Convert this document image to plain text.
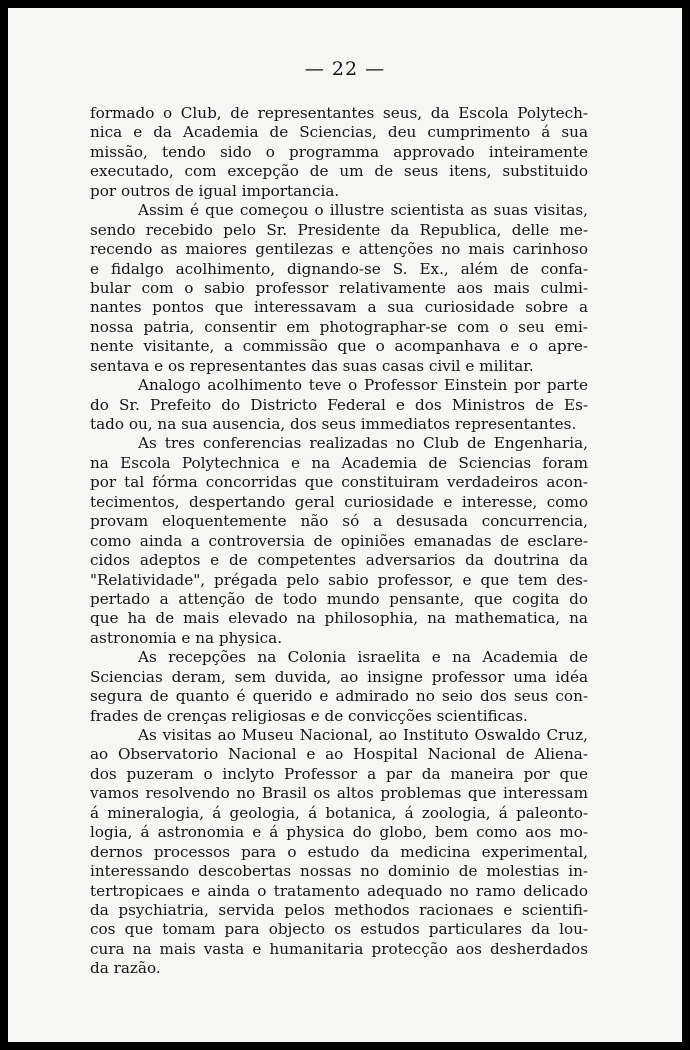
— 22 —
formado o Club, de representantes seus, da Escola Polytech-
nica e da Academia de Sciencias, deu cumprimento á sua
missão, tendo sido o programma approvado inteiramente
executado, com excepção de um de seus itens, substituido
por outros de igual importancia.
Assim é que começou o illustre scientista as suas visitas,
sendo recebido pelo Sr. Presidente da Republica, delle me-
recendo as maiores gentilezas e attenções no mais carinhoso
e fidalgo acolhimento, dignando-se S. Ex., além de confa-
bular com o sabio professor relativamente aos mais culmi-
nantes pontos que interessavam a sua curiosidade sobre a
nossa patria, consentir em photographar-se com o seu emi-
nente visitante, a commissão que o acompanhava e o apre-
sentava e os representantes das suas casas civil e militar.
Analogo acolhimento teve o Professor Einstein por parte
do Sr. Prefeito do Districto Federal e dos Ministros de Es-
tado ou, na sua ausencia, dos seus immediatos representantes.
As tres conferencias realizadas no Club de Engenharia,
na Escola Polytechnica e na Academia de Sciencias foram
por tal fórma concorridas que constituiram verdadeiros acon-
tecimentos, despertando geral curiosidade e interesse, como
provam eloquentemente não só a desusada concurrencia,
como ainda a controversia de opiniões emanadas de esclare-
cidos adeptos e de competentes adversarios da doutrina da
"Relatividade", prégada pelo sabio professor, e que tem des-
pertado a attenção de todo mundo pensante, que cogita do
que ha de mais elevado na philosophia, na mathematica, na
astronomia e na physica.
As recepções na Colonia israelita e na Academia de
Sciencias deram, sem duvida, ao insigne professor uma idéa
segura de quanto é querido e admirado no seio dos seus con-
frades de crenças religiosas e de convicções scientificas.
As visitas ao Museu Nacional, ao Instituto Oswaldo Cruz,
ao Observatorio Nacional e ao Hospital Nacional de Aliena-
dos puzeram o inclyto Professor a par da maneira por que
vamos resolvendo no Brasil os altos problemas que interessam
á mineralogia, á geologia, á botanica, á zoologia, á paleonto-
logia, á astronomia e á physica do globo, bem como aos mo-
dernos processos para o estudo da medicina experimental,
interessando descobertas nossas no dominio de molestias in-
tertropicaes e ainda o tratamento adequado no ramo delicado
da psychiatria, servida pelos methodos racionaes e scientifi-
cos que tomam para objecto os estudos particulares da lou-
cura na mais vasta e humanitaria protecção aos desherdados
da razão.
